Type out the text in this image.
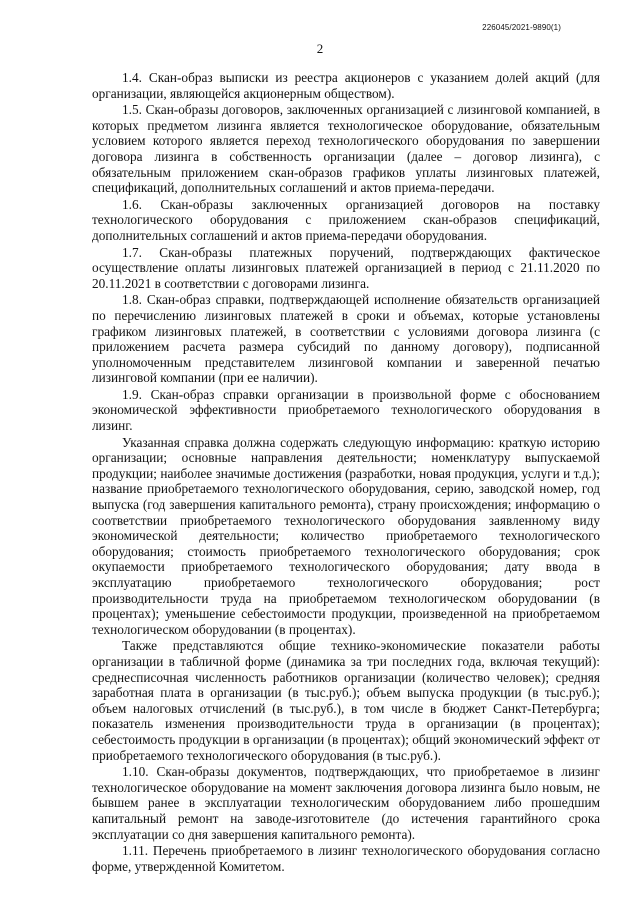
226045/2021-9890(1)
2

1.4. Скан-образ выписки из реестра акционеров с указанием долей акций (для организации, являющейся акционерным обществом).

1.5. Скан-образы договоров, заключенных организацией с лизинговой компанией, в которых предметом лизинга является технологическое оборудование, обязательным условием которого является переход технологического оборудования по завершении договора лизинга в собственность организации (далее – договор лизинга), с обязательным приложением скан-образов графиков уплаты лизинговых платежей, спецификаций, дополнительных соглашений и актов приема-передачи.

1.6. Скан-образы заключенных организацией договоров на поставку технологического оборудования с приложением скан-образов спецификаций, дополнительных соглашений и актов приема-передачи оборудования.

1.7. Скан-образы платежных поручений, подтверждающих фактическое осуществление оплаты лизинговых платежей организацией в период с 21.11.2020 по 20.11.2021 в соответствии с договорами лизинга.

1.8. Скан-образ справки, подтверждающей исполнение обязательств организацией по перечислению лизинговых платежей в сроки и объемах, которые установлены графиком лизинговых платежей, в соответствии с условиями договора лизинга (с приложением расчета размера субсидий по данному договору), подписанной уполномоченным представителем лизинговой компании и заверенной печатью лизинговой компании (при ее наличии).

1.9. Скан-образ справки организации в произвольной форме с обоснованием экономической эффективности приобретаемого технологического оборудования в лизинг.

Указанная справка должна содержать следующую информацию: краткую историю организации; основные направления деятельности; номенклатуру выпускаемой продукции; наиболее значимые достижения (разработки, новая продукция, услуги и т.д.); название приобретаемого технологического оборудования, серию, заводской номер, год выпуска (год завершения капитального ремонта), страну происхождения; информацию о соответствии приобретаемого технологического оборудования заявленному виду экономической деятельности; количество приобретаемого технологического оборудования; стоимость приобретаемого технологического оборудования; срок окупаемости приобретаемого технологического оборудования; дату ввода в эксплуатацию приобретаемого технологического оборудования; рост производительности труда на приобретаемом технологическом оборудовании (в процентах); уменьшение себестоимости продукции, произведенной на приобретаемом технологическом оборудовании (в процентах).

Также представляются общие технико-экономические показатели работы организации в табличной форме (динамика за три последних года, включая текущий): среднесписочная численность работников организации (количество человек); средняя заработная плата в организации (в тыс.руб.); объем выпуска продукции (в тыс.руб.); объем налоговых отчислений (в тыс.руб.), в том числе в бюджет Санкт-Петербурга; показатель изменения производительности труда в организации (в процентах); себестоимость продукции в организации (в процентах); общий экономический эффект от приобретаемого технологического оборудования (в тыс.руб.).

1.10. Скан-образы документов, подтверждающих, что приобретаемое в лизинг технологическое оборудование на момент заключения договора лизинга было новым, не бывшем ранее в эксплуатации технологическим оборудованием либо прошедшим капитальный ремонт на заводе-изготовителе (до истечения гарантийного срока эксплуатации со дня завершения капитального ремонта).

1.11. Перечень приобретаемого в лизинг технологического оборудования согласно форме, утвержденной Комитетом.
